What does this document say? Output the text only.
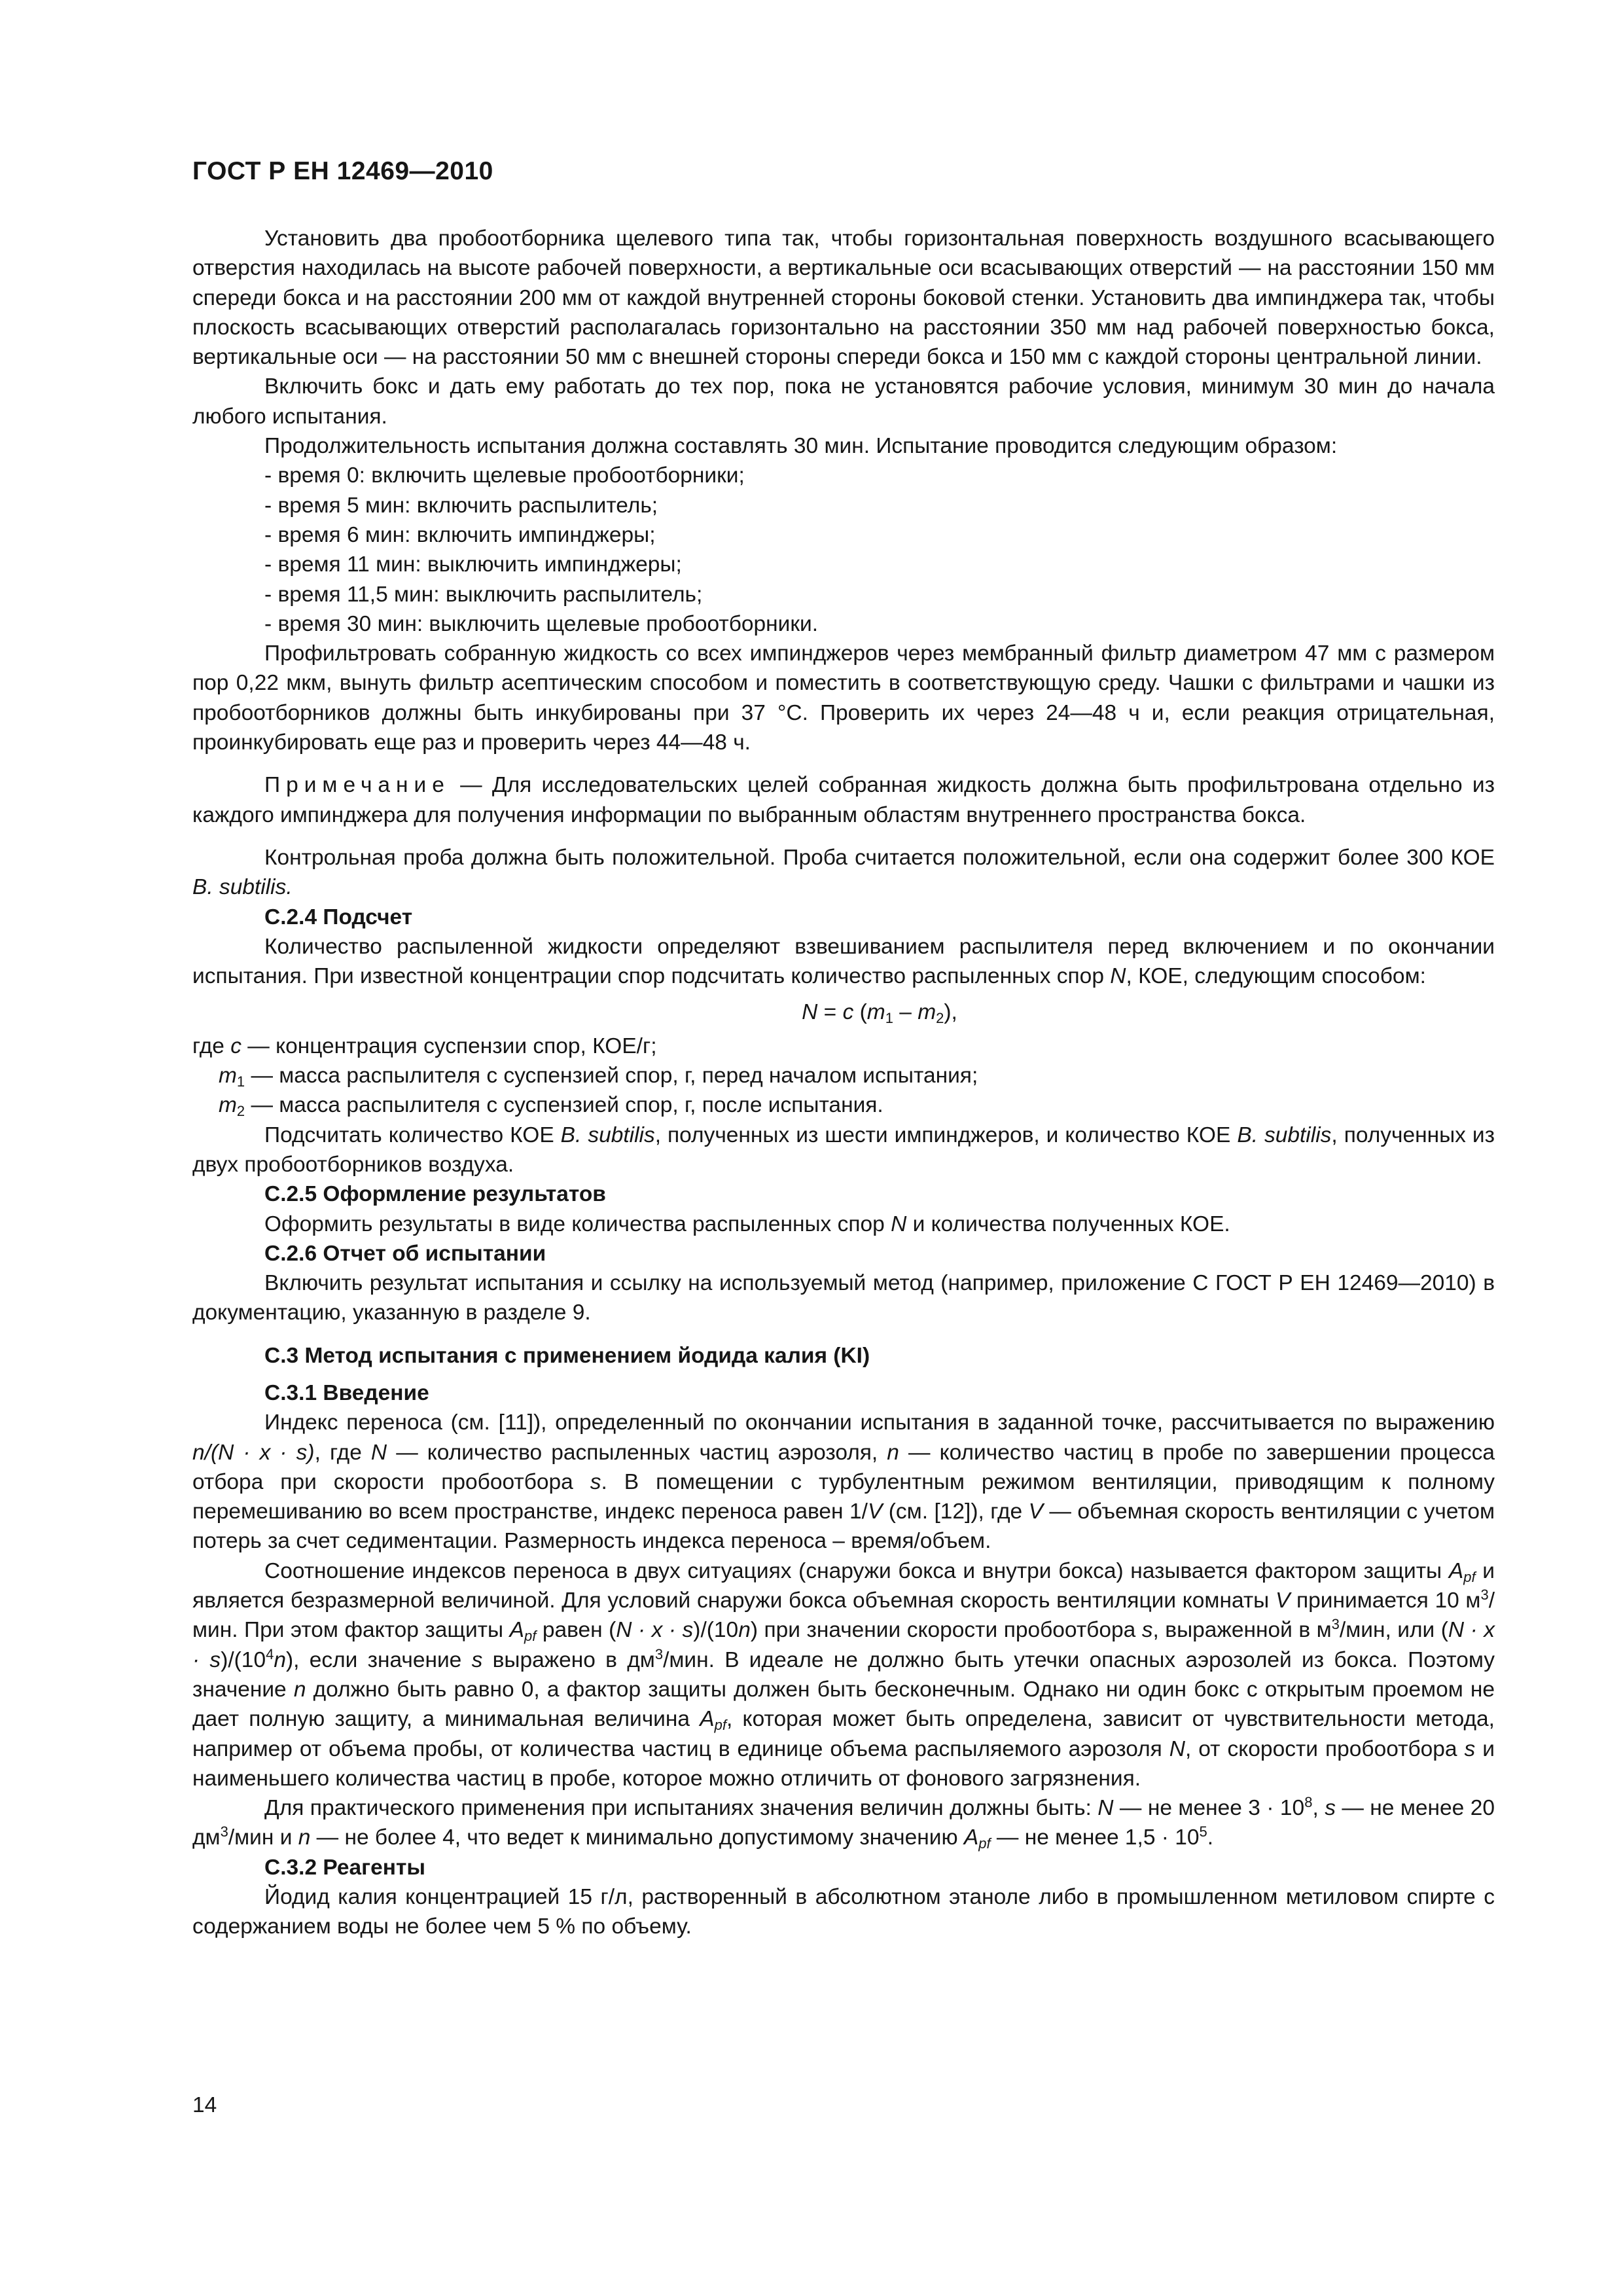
ГОСТ Р ЕН 12469—2010

Установить два пробоотборника щелевого типа так, чтобы горизонтальная поверхность воздушного всасывающего отверстия находилась на высоте рабочей поверхности, а вертикальные оси всасывающих отверстий — на расстоянии 150 мм спереди бокса и на расстоянии 200 мм от каждой внутренней стороны боковой стенки. Установить два импинджера так, чтобы плоскость всасывающих отверстий располагалась горизонтально на расстоянии 350 мм над рабочей поверхностью бокса, вертикальные оси — на расстоянии 50 мм с внешней стороны спереди бокса и 150 мм с каждой стороны центральной линии.

Включить бокс и дать ему работать до тех пор, пока не установятся рабочие условия, минимум 30 мин до начала любого испытания.

Продолжительность испытания должна составлять 30 мин. Испытание проводится следующим образом:

- время 0: включить щелевые пробоотборники;

- время 5 мин: включить распылитель;

- время 6 мин: включить импинджеры;

- время 11 мин: выключить импинджеры;

- время 11,5 мин: выключить распылитель;

- время 30 мин: выключить щелевые пробоотборники.

Профильтровать собранную жидкость со всех импинджеров через мембранный фильтр диаметром 47 мм с размером пор 0,22 мкм, вынуть фильтр асептическим способом и поместить в соответствующую среду. Чашки с фильтрами и чашки из пробоотборников должны быть инкубированы при 37 °С. Проверить их через 24—48 ч и, если реакция отрицательная, проинкубировать еще раз и проверить через 44—48 ч.

Примечание — Для исследовательских целей собранная жидкость должна быть профильтрована отдельно из каждого импинджера для получения информации по выбранным областям внутреннего пространства бокса.

Контрольная проба должна быть положительной. Проба считается положительной, если она содержит более 300 КОЕ B. subtilis.

С.2.4 Подсчет

Количество распыленной жидкости определяют взвешиванием распылителя перед включением и по окончании испытания. При известной концентрации спор подсчитать количество распыленных спор N, КОЕ, следующим способом:

N = c $(m_1 - m_2)$,

где c — концентрация суспензии спор, КОЕ/г;

$m_1$ — масса распылителя с суспензией спор, г, перед началом испытания;

$m_2$ — масса распылителя с суспензией спор, г, после испытания.

Подсчитать количество КОЕ B. subtilis, полученных из шести импинджеров, и количество КОЕ B. subtilis, полученных из двух пробоотборников воздуха.

С.2.5 Оформление результатов

Оформить результаты в виде количества распыленных спор N и количества полученных КОЕ.

С.2.6 Отчет об испытании

Включить результат испытания и ссылку на используемый метод (например, приложение С ГОСТ Р ЕН 12469—2010) в документацию, указанную в разделе 9.

С.3 Метод испытания с применением йодида калия (KI)

С.3.1 Введение

Индекс переноса (см. [11]), определенный по окончании испытания в заданной точке, рассчитывается по выражению n/(N · x · s), где N — количество распыленных частиц аэрозоля, n — количество частиц в пробе по завершении процесса отбора при скорости пробоотбора s. В помещении с турбулентным режимом вентиляции, приводящим к полному перемешиванию во всем пространстве, индекс переноса равен 1/V (см. [12]), где V — объемная скорость вентиляции с учетом потерь за счет седиментации. Размерность индекса переноса – время/объем.

Соотношение индексов переноса в двух ситуациях (снаружи бокса и внутри бокса) называется фактором защиты $A_{pf}$ и является безразмерной величиной. Для условий снаружи бокса объемная скорость вентиляции комнаты V принимается 10 $м^3$/мин. При этом фактор защиты $A_{pf}$ равен (N · x · s)/(10n) при значении скорости пробоотбора s, выраженной в $м^3$/мин, или $(N \cdot x \cdot s)/(10^4n)$, если значение s выражено в $дм^3$/мин. В идеале не должно быть утечки опасных аэрозолей из бокса. Поэтому значение n должно быть равно 0, а фактор защиты должен быть бесконечным. Однако ни один бокс с открытым проемом не дает полную защиту, а минимальная величина $A_{pf}$, которая может быть определена, зависит от чувствительности метода, например от объема пробы, от количества частиц в единице объема распыляемого аэрозоля N, от скорости пробоотбора s и наименьшего количества частиц в пробе, которое можно отличить от фонового загрязнения.

Для практического применения при испытаниях значения величин должны быть: N — не менее $3 \cdot 10^8$, s — не менее 20 $дм^3$/мин и n — не более 4, что ведет к минимально допустимому значению $A_{pf}$ — не менее $1,5 \cdot 10^5$.

С.3.2 Реагенты

Йодид калия концентрацией 15 г/л, растворенный в абсолютном этаноле либо в промышленном метиловом спирте с содержанием воды не более чем 5 % по объему.

14
